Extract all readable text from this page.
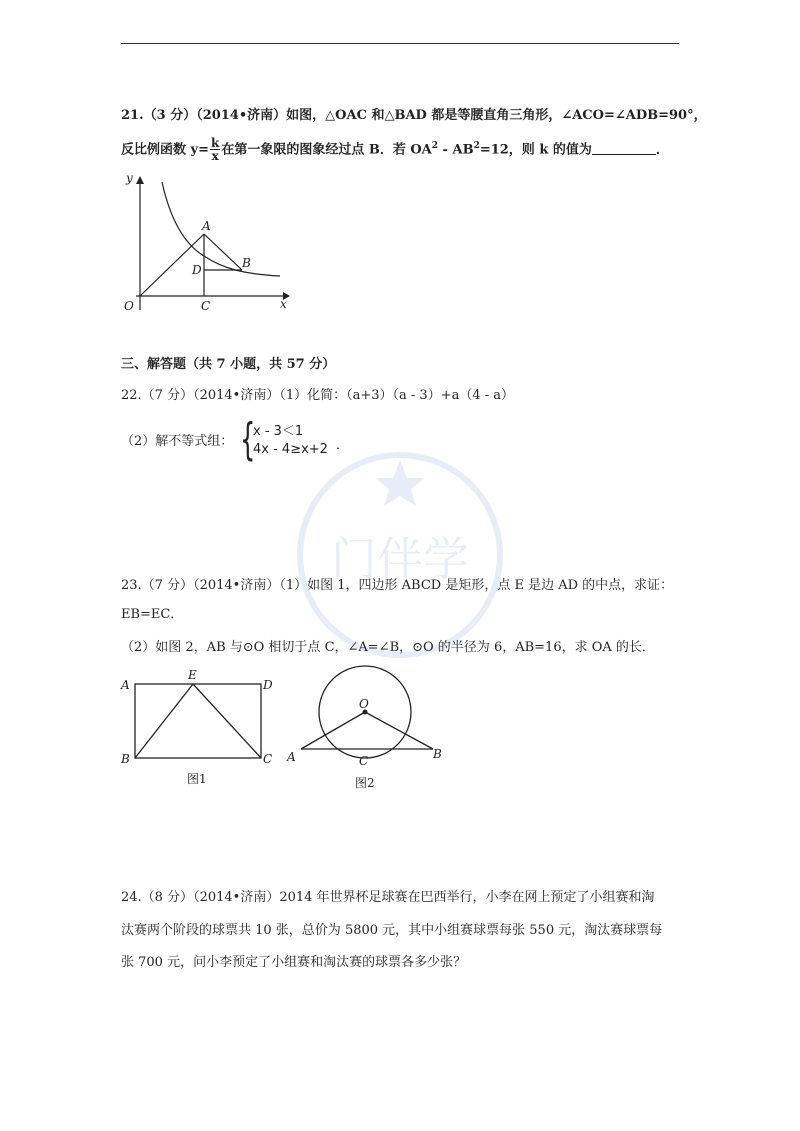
21.（3 分）（2014•济南）如图，△OAC 和△BAD 都是等腰直角三角形，∠ACO=∠ADB=90°，
反比例函数 $y= \frac{k}{x}$ 在第一象限的图象经过点 B．若 $OA^2 - AB^2=12$，则 k 的值为	．
y
x
O
A
B
C
D
三、解答题（共 7 小题，共 57 分）
门伴学
22.（7 分）（2014•济南）（1）化简：（a+3）（a - 3）+a（4 - a）
（2）解不等式组： {
x - 3＜1
4x - 4≥x+2 ．
23.（7 分）（2014•济南）（1）如图 1，四边形 ABCD 是矩形，点 E 是边 AD 的中点，求证：
EB=EC．
（2）如图 2，AB 与⊙O 相切于点 C，∠A=∠B，⊙O 的半径为 6，AB=16，求 OA 的长．
A
E
D
B	C
图1
O
A	C	B
图2
24.（8 分）（2014•济南）2014 年世界杯足球赛在巴西举行，小李在网上预定了小组赛和淘
汰赛两个阶段的球票共 10 张，总价为 5800 元，其中小组赛球票每张 550 元，淘汰赛球票每
张 700 元，问小李预定了小组赛和淘汰赛的球票各多少张？
